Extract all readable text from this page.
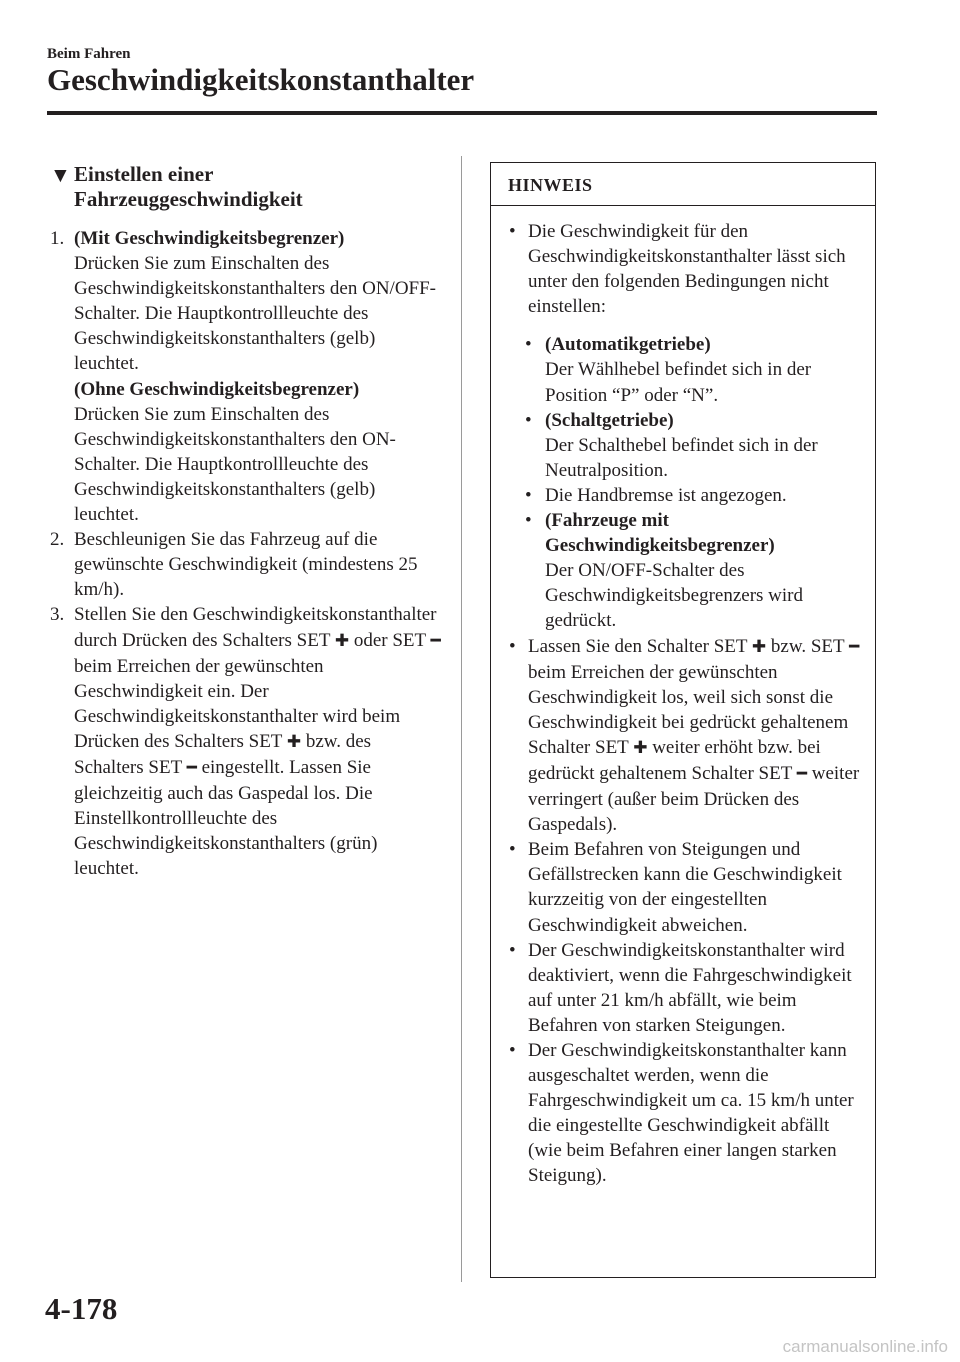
Beim Fahren
Geschwindigkeitskonstanthalter
▼ Einstellen einer
Fahrzeuggeschwindigkeit
1. (Mit Geschwindigkeitsbegrenzer)
Drücken Sie zum Einschalten des Geschwindigkeitskonstanthalters den ON/OFF-Schalter. Die Hauptkontrollleuchte des Geschwindigkeitskonstanthalters (gelb) leuchtet.
(Ohne Geschwindigkeitsbegrenzer)
Drücken Sie zum Einschalten des Geschwindigkeitskonstanthalters den ON-Schalter. Die Hauptkontrollleuchte des Geschwindigkeitskonstanthalters (gelb) leuchtet.
2. Beschleunigen Sie das Fahrzeug auf die gewünschte Geschwindigkeit (mindestens 25 km/h).
3. Stellen Sie den Geschwindigkeitskonstanthalter durch Drücken des Schalters SET ✚ oder SET ━ beim Erreichen der gewünschten Geschwindigkeit ein. Der Geschwindigkeitskonstanthalter wird beim Drücken des Schalters SET ✚ bzw. des Schalters SET ━ eingestellt. Lassen Sie gleichzeitig auch das Gaspedal los. Die Einstellkontrollleuchte des Geschwindigkeitskonstanthalters (grün) leuchtet.
HINWEIS
• Die Geschwindigkeit für den Geschwindigkeitskonstanthalter lässt sich unter den folgenden Bedingungen nicht einstellen:
• (Automatikgetriebe)
Der Wählhebel befindet sich in der Position “P” oder “N”.
• (Schaltgetriebe)
Der Schalthebel befindet sich in der Neutralposition.
• Die Handbremse ist angezogen.
• (Fahrzeuge mit Geschwindigkeitsbegrenzer)
Der ON/OFF-Schalter des Geschwindigkeitsbegrenzers wird gedrückt.
• Lassen Sie den Schalter SET ✚ bzw. SET ━ beim Erreichen der gewünschten Geschwindigkeit los, weil sich sonst die Geschwindigkeit bei gedrückt gehaltenem Schalter SET ✚ weiter erhöht bzw. bei gedrückt gehaltenem Schalter SET ━ weiter verringert (außer beim Drücken des Gaspedals).
• Beim Befahren von Steigungen und Gefällstrecken kann die Geschwindigkeit kurzzeitig von der eingestellten Geschwindigkeit abweichen.
• Der Geschwindigkeitskonstanthalter wird deaktiviert, wenn die Fahrgeschwindigkeit auf unter 21 km/h abfällt, wie beim Befahren von starken Steigungen.
• Der Geschwindigkeitskonstanthalter kann ausgeschaltet werden, wenn die Fahrgeschwindigkeit um ca. 15 km/h unter die eingestellte Geschwindigkeit abfällt (wie beim Befahren einer langen starken Steigung).
4-178
carmanualsonline.info
